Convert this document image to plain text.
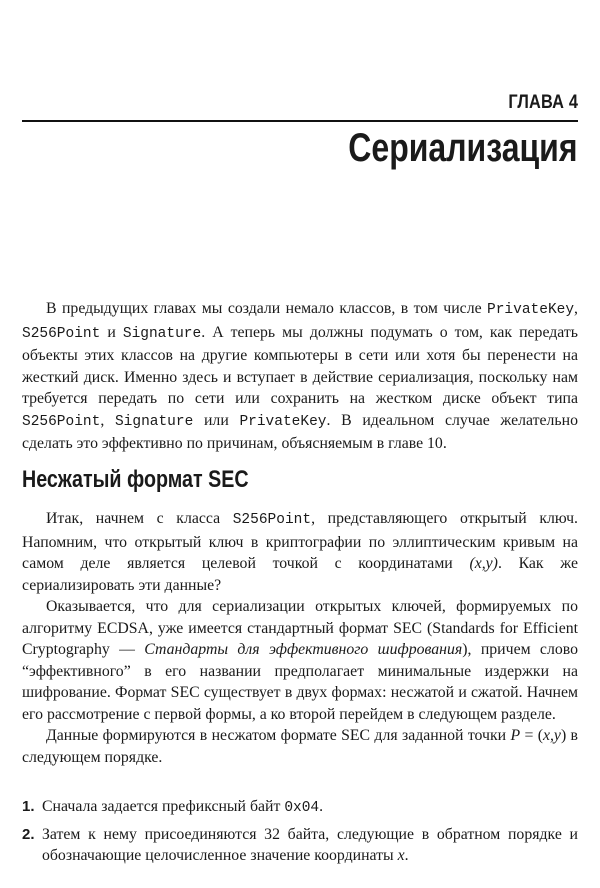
ГЛАВА 4
Сериализация

В предыдущих главах мы создали немало классов, в том числе PrivateKey, S256Point и Signature. А теперь мы должны подумать о том, как передать объекты этих классов на другие компьютеры в сети или хотя бы перенести на жесткий диск. Именно здесь и вступает в действие сериализация, поскольку нам требуется передать по сети или сохранить на жестком диске объект типа S256Point, Signature или PrivateKey. В идеальном случае желательно сделать это эффективно по причинам, объясняемым в главе 10.

Несжатый формат SEC

Итак, начнем с класса S256Point, представляющего открытый ключ. Напомним, что открытый ключ в криптографии по эллиптическим кривым на самом деле является целевой точкой с координатами (x,y). Как же сериализировать эти данные?

Оказывается, что для сериализации открытых ключей, формируемых по алгоритму ECDSA, уже имеется стандартный формат SEC (Standards for Efficient Cryptography — Стандарты для эффективного шифрования), причем слово “эффективного” в его названии предполагает минимальные издержки на шифрование. Формат SEC существует в двух формах: несжатой и сжатой. Начнем его рассмотрение с первой формы, а ко второй перейдем в следующем разделе.

Данные формируются в несжатом формате SEC для заданной точки P = (x,y) в следующем порядке.

1. Сначала задается префиксный байт 0x04.
2. Затем к нему присоединяются 32 байта, следующие в обратном порядке и обозначающие целочисленное значение координаты x.
